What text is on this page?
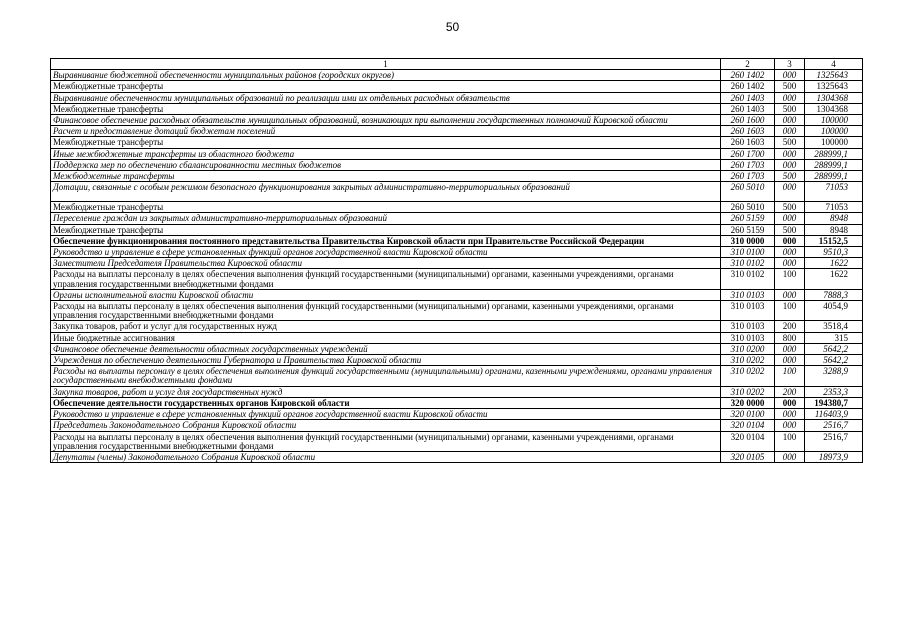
50
1	2	3	4
Выравнивание бюджетной обеспеченности муниципальных районов (городских округов)	260 1402	000	1325643
Межбюджетные трансферты	260 1402	500	1325643
Выравнивание обеспеченности муниципальных образований по реализации ими их отдельных расходных обязательств	260 1403	000	1304368
Межбюджетные трансферты	260 1403	500	1304368
Финансовое обеспечение расходных обязательств муниципальных образований, возникающих при выполнении государственных полномочий Кировской области	260 1600	000	100000
Расчет и предоставление дотаций бюджетам поселений	260 1603	000	100000
Межбюджетные трансферты	260 1603	500	100000
Иные межбюджетные трансферты из областного бюджета	260 1700	000	288999,1
Поддержка мер по обеспечению сбалансированности местных бюджетов	260 1703	000	288999,1
Межбюджетные трансферты	260 1703	500	288999,1
Дотации, связанные с особым режимом безопасного функционирования закрытых административно-территориальных образований	260 5010	000	71053
Межбюджетные трансферты	260 5010	500	71053
Переселение граждан из закрытых административно-территориальных образований	260 5159	000	8948
Межбюджетные трансферты	260 5159	500	8948
Обеспечение функционирования постоянного представительства Правительства Кировской области при Правительстве Российской Федерации	310 0000	000	15152,5
Руководство и управление в сфере установленных функций органов государственной власти Кировской области	310 0100	000	9510,3
Заместители Председателя Правительства Кировской области	310 0102	000	1622
Расходы на выплаты персоналу в целях обеспечения выполнения функций государственными (муниципальными) органами, казенными учреждениями, органами управления государственными внебюджетными фондами	310 0102	100	1622
Органы исполнительной власти Кировской области	310 0103	000	7888,3
Расходы на выплаты персоналу в целях обеспечения выполнения функций государственными (муниципальными) органами, казенными учреждениями, органами управления государственными внебюджетными фондами	310 0103	100	4054,9
Закупка товаров, работ и услуг для государственных нужд	310 0103	200	3518,4
Иные бюджетные ассигнования	310 0103	800	315
Финансовое обеспечение деятельности областных государственных учреждений	310 0200	000	5642,2
Учреждения по обеспечению деятельности Губернатора и Правительства Кировской области	310 0202	000	5642,2
Расходы на выплаты персоналу в целях обеспечения выполнения функций государственными (муниципальными) органами, казенными учреждениями, органами управления государственными внебюджетными фондами	310 0202	100	3288,9
Закупка товаров, работ и услуг для государственных нужд	310 0202	200	2353,3
Обеспечение деятельности государственных органов Кировской области	320 0000	000	194380,7
Руководство и управление в сфере установленных функций органов государственной власти Кировской области	320 0100	000	116403,9
Председатель Законодательного Собрания Кировской области	320 0104	000	2516,7
Расходы на выплаты персоналу в целях обеспечения выполнения функций государственными (муниципальными) органами, казенными учреждениями, органами управления государственными внебюджетными фондами	320 0104	100	2516,7
Депутаты (члены) Законодательного Собрания Кировской области	320 0105	000	18973,9
